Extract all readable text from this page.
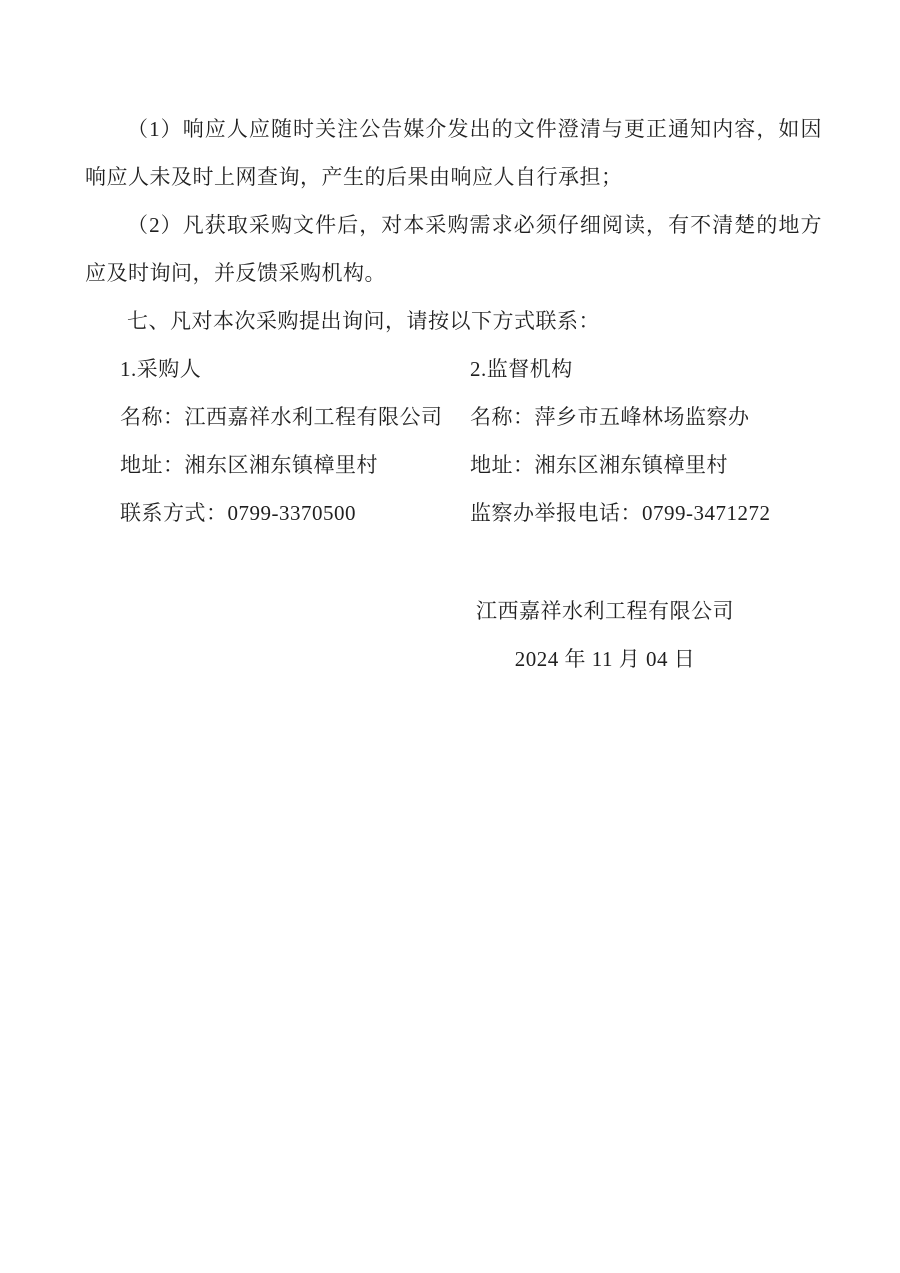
（1）响应人应随时关注公告媒介发出的文件澄清与更正通知内容，如因
响应人未及时上网查询，产生的后果由响应人自行承担；

（2）凡获取采购文件后，对本采购需求必须仔细阅读，有不清楚的地方
应及时询问，并反馈采购机构。

七、凡对本次采购提出询问，请按以下方式联系：

1.采购人	2.监督机构
名称：江西嘉祥水利工程有限公司	名称：萍乡市五峰林场监察办
地址：湘东区湘东镇樟里村	地址：湘东区湘东镇樟里村
联系方式：0799-3370500	监察办举报电话：0799-3471272
江西嘉祥水利工程有限公司
2024 年 11 月 04 日
